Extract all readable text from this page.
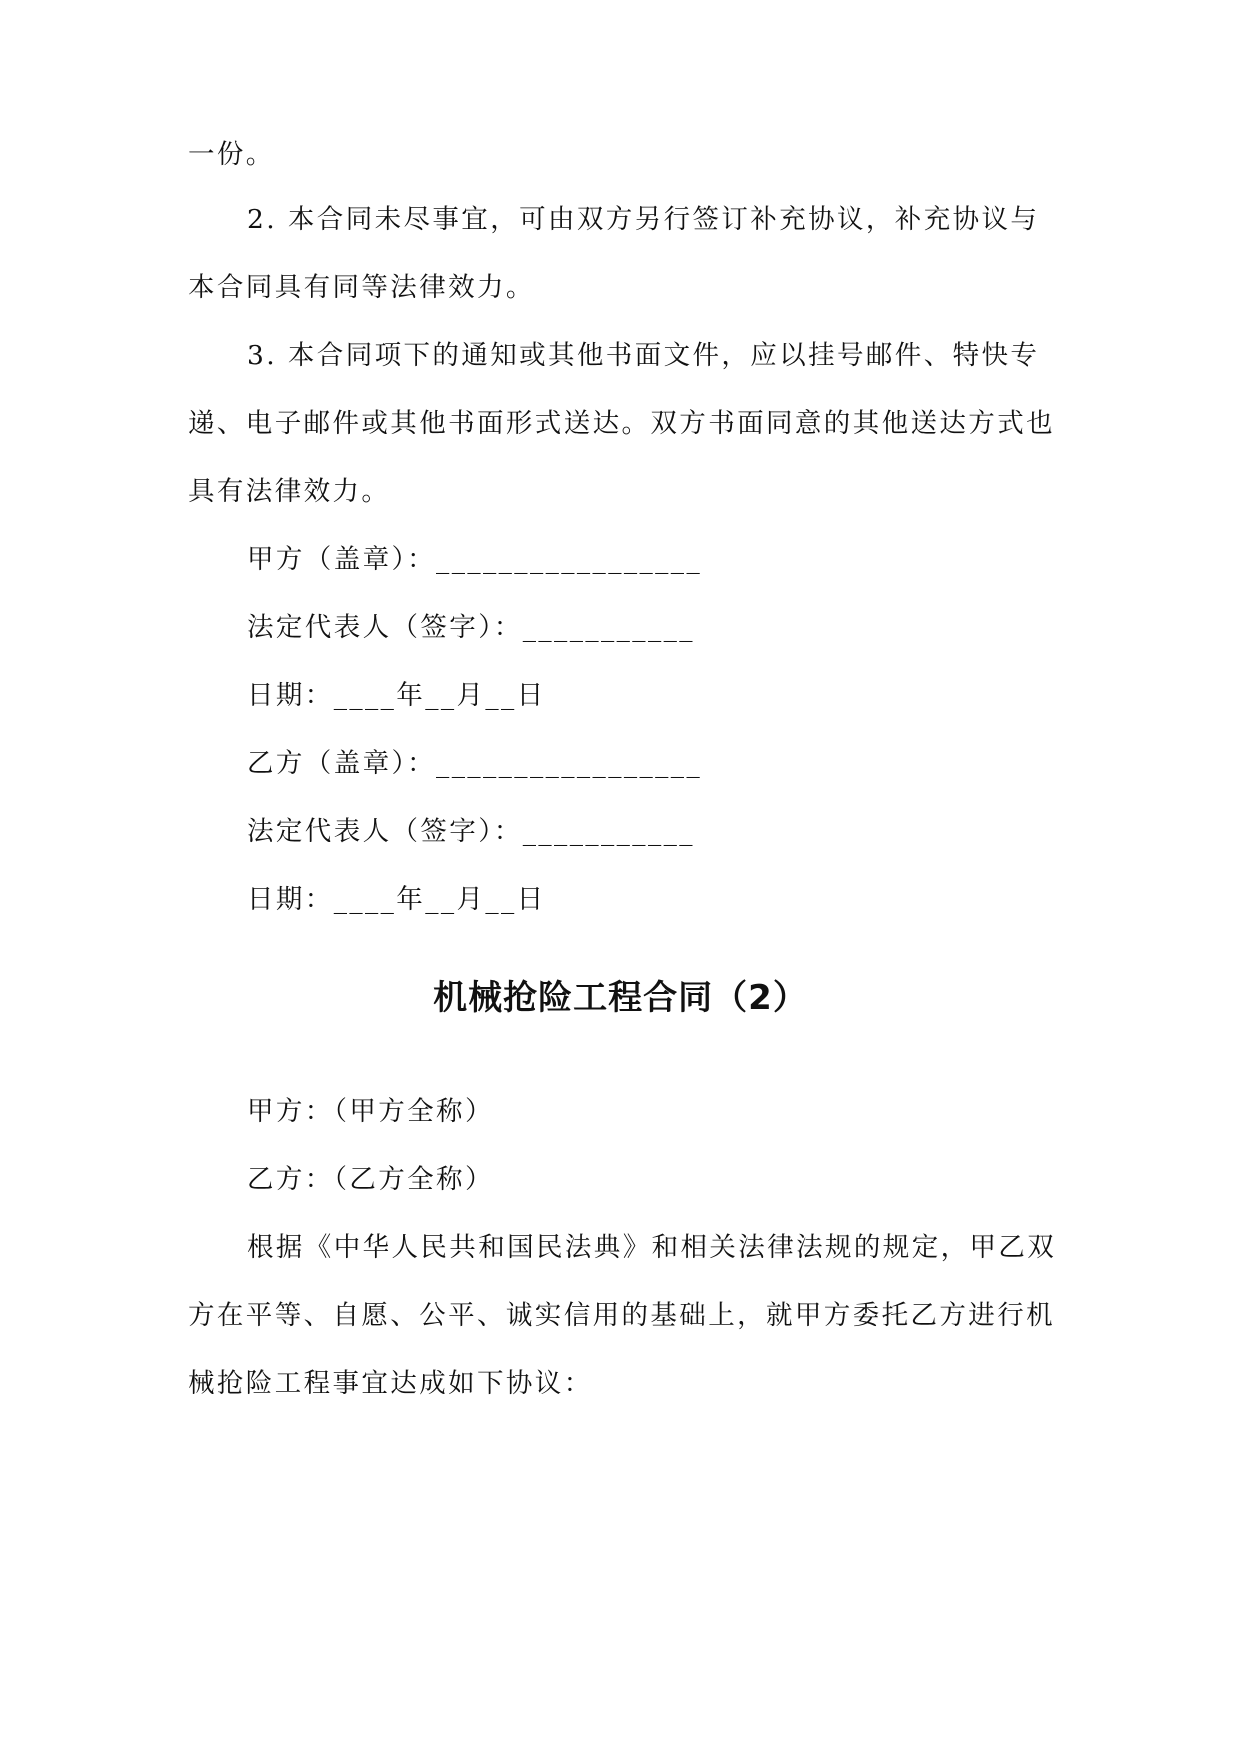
一份。
2. 本合同未尽事宜，可由双方另行签订补充协议，补充协议与
本合同具有同等法律效力。
3. 本合同项下的通知或其他书面文件，应以挂号邮件、特快专
递、电子邮件或其他书面形式送达。双方书面同意的其他送达方式也
具有法律效力。
甲方（盖章）：_________________
法定代表人（签字）：___________
日期：____年__月__日
乙方（盖章）：_________________
法定代表人（签字）：___________
日期：____年__月__日
机械抢险工程合同（2）
甲方：（甲方全称）
乙方：（乙方全称）
根据《中华人民共和国民法典》和相关法律法规的规定，甲乙双
方在平等、自愿、公平、诚实信用的基础上，就甲方委托乙方进行机
械抢险工程事宜达成如下协议：
